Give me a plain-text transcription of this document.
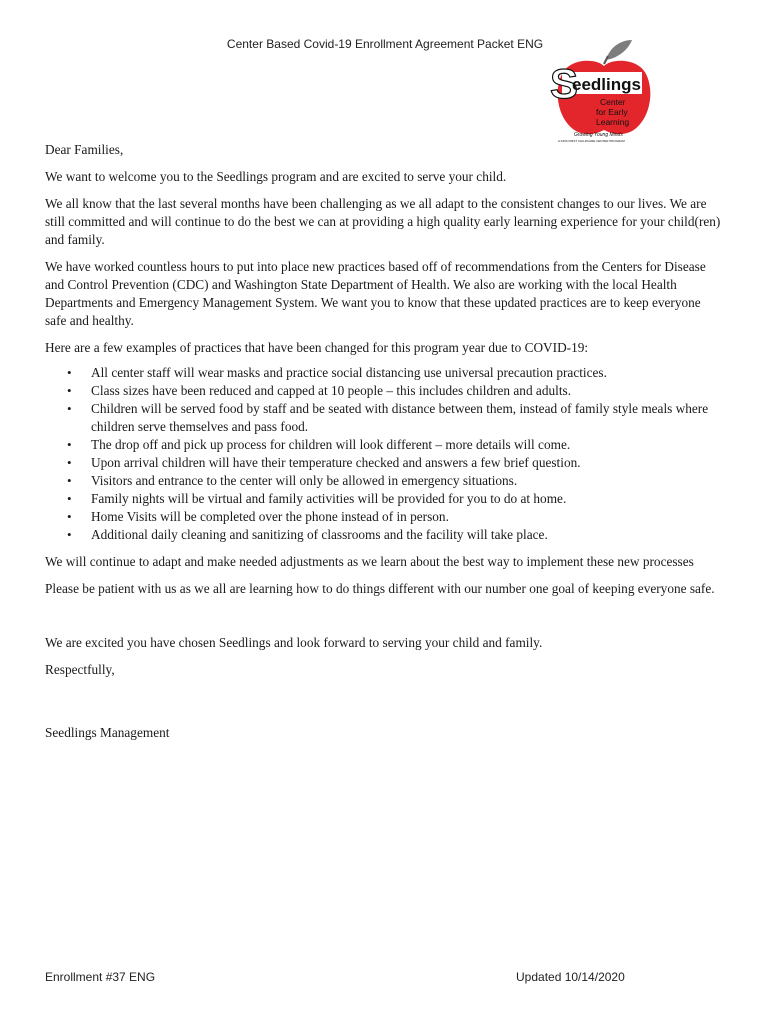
Center Based Covid-19 Enrollment Agreement Packet ENG
S
eedlings
Center
for Early
Learning
Growing Young Minds
A KIDS FIRST CHILDCARE CENTER PROGRAM

Dear Families,

We want to welcome you to the Seedlings program and are excited to serve your child.

We all know that the last several months have been challenging as we all adapt to the consistent changes to our lives. We are still committed and will continue to do the best we can at providing a high quality early learning experience for your child(ren) and family.

We have worked countless hours to put into place new practices based off of recommendations from the Centers for Disease and Control Prevention (CDC) and Washington State Department of Health. We also are working with the local Health Departments and Emergency Management System. We want you to know that these updated practices are to keep everyone safe and healthy.

Here are a few examples of practices that have been changed for this program year due to COVID-19:

• All center staff will wear masks and practice social distancing use universal precaution practices.
• Class sizes have been reduced and capped at 10 people – this includes children and adults.
• Children will be served food by staff and be seated with distance between them, instead of family style meals where children serve themselves and pass food.
• The drop off and pick up process for children will look different – more details will come.
• Upon arrival children will have their temperature checked and answers a few brief question.
• Visitors and entrance to the center will only be allowed in emergency situations.
• Family nights will be virtual and family activities will be provided for you to do at home.
• Home Visits will be completed over the phone instead of in person.
• Additional daily cleaning and sanitizing of classrooms and the facility will take place.

We will continue to adapt and make needed adjustments as we learn about the best way to implement these new processes

Please be patient with us as we all are learning how to do things different with our number one goal of keeping everyone safe.

We are excited you have chosen Seedlings and look forward to serving your child and family.

Respectfully,

Seedlings Management

Enrollment #37 ENG	Updated 10/14/2020
